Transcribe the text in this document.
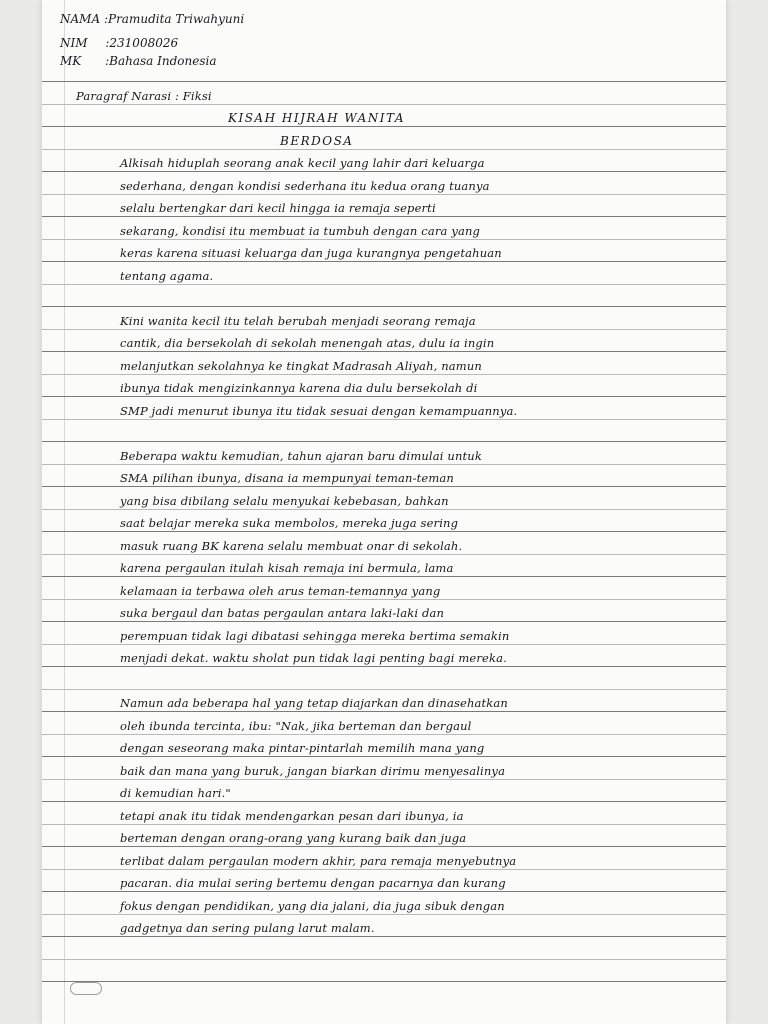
NAMA :Pramudita Triwahyuni
NIM :231008026
MK :Bahasa Indonesia
Paragraf Narasi : Fiksi
KISAH HIJRAH WANITA
BERDOSA
Alkisah hiduplah seorang anak kecil yang lahir dari keluarga
sederhana, dengan kondisi sederhana itu kedua orang tuanya
selalu bertengkar dari kecil hingga ia remaja seperti
sekarang, kondisi itu membuat ia tumbuh dengan cara yang
keras karena situasi keluarga dan juga kurangnya pengetahuan
tentang agama.
Kini wanita kecil itu telah berubah menjadi seorang remaja
cantik, dia bersekolah di sekolah menengah atas, dulu ia ingin
melanjutkan sekolahnya ke tingkat Madrasah Aliyah, namun
ibunya tidak mengizinkannya karena dia dulu bersekolah di
SMP jadi menurut ibunya itu tidak sesuai dengan kemampuannya.
Beberapa waktu kemudian, tahun ajaran baru dimulai untuk
SMA pilihan ibunya, disana ia mempunyai teman-teman
yang bisa dibilang selalu menyukai kebebasan, bahkan
saat belajar mereka suka membolos, mereka juga sering
masuk ruang BK karena selalu membuat onar di sekolah.
karena pergaulan itulah kisah remaja ini bermula, lama
kelamaan ia terbawa oleh arus teman-temannya yang
suka bergaul dan batas pergaulan antara laki-laki dan
perempuan tidak lagi dibatasi sehingga mereka bertima semakin
menjadi dekat. waktu sholat pun tidak lagi penting bagi mereka.
Namun ada beberapa hal yang tetap diajarkan dan dinasehatkan
oleh ibunda tercinta, ibu: "Nak, jika berteman dan bergaul
dengan seseorang maka pintar-pintarlah memilih mana yang
baik dan mana yang buruk, jangan biarkan dirimu menyesalinya
di kemudian hari."
tetapi anak itu tidak mendengarkan pesan dari ibunya, ia
berteman dengan orang-orang yang kurang baik dan juga
terlibat dalam pergaulan modern akhir, para remaja menyebutnya
pacaran. dia mulai sering bertemu dengan pacarnya dan kurang
fokus dengan pendidikan, yang dia jalani, dia juga sibuk dengan
gadgetnya dan sering pulang larut malam.
